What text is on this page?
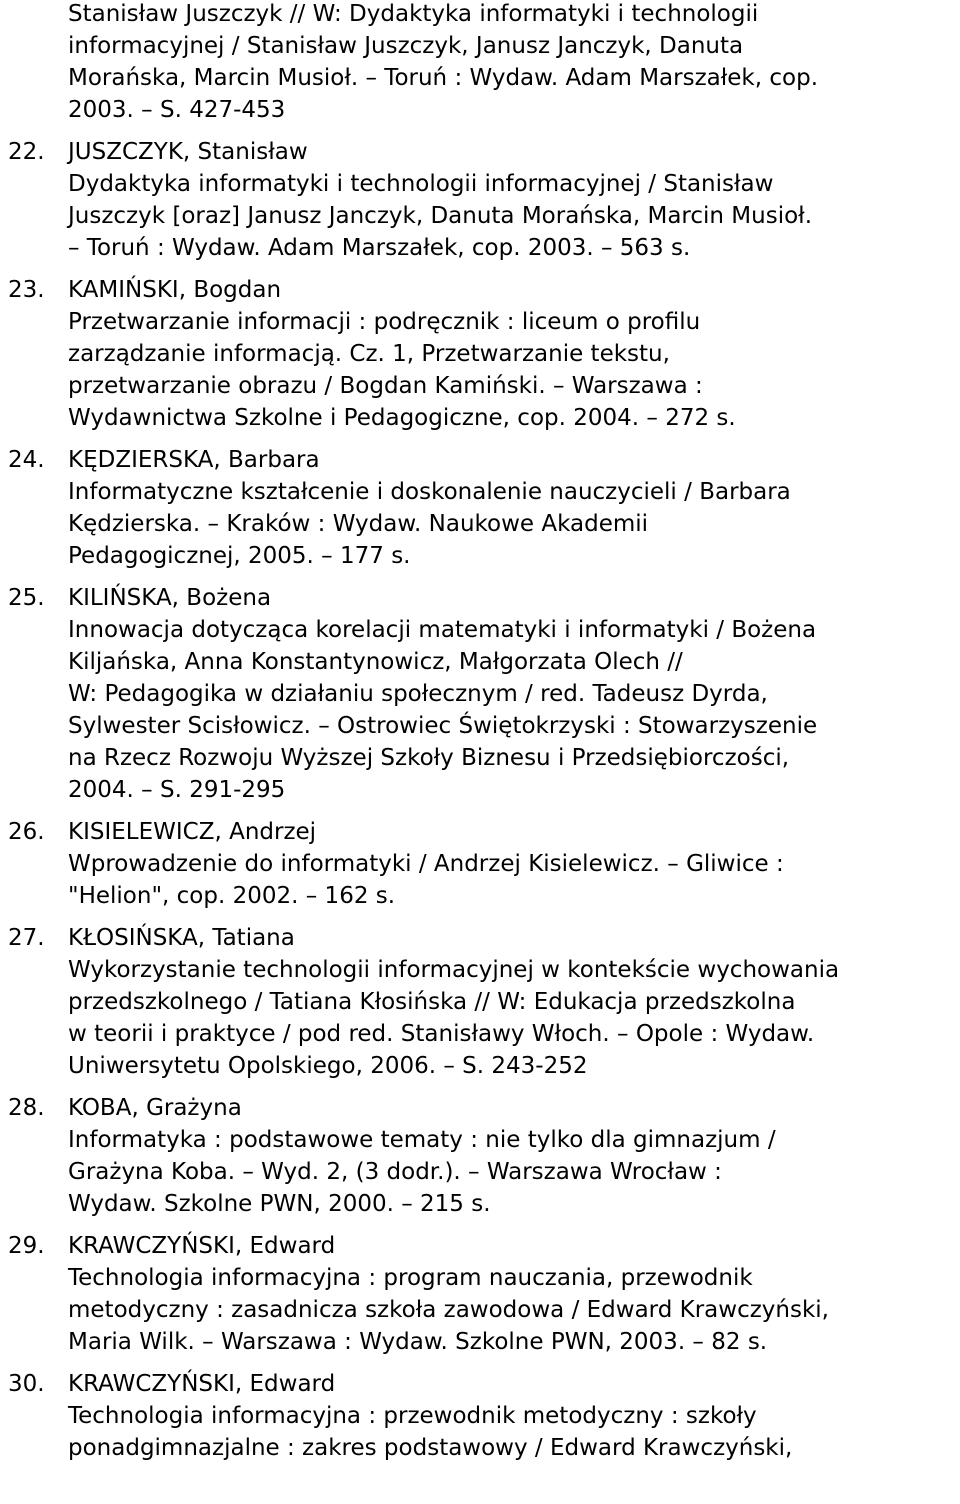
Stanisław Juszczyk // W: Dydaktyka informatyki i technologii
informacyjnej / Stanisław Juszczyk, Janusz Janczyk, Danuta
Morańska, Marcin Musioł. – Toruń : Wydaw. Adam Marszałek, cop.
2003. – S. 427-453
22.	JUSZCZYK, Stanisław
Dydaktyka informatyki i technologii informacyjnej / Stanisław
Juszczyk [oraz] Janusz Janczyk, Danuta Morańska, Marcin Musioł.
– Toruń : Wydaw. Adam Marszałek, cop. 2003. – 563 s.
23.	KAMIŃSKI, Bogdan
Przetwarzanie informacji : podręcznik : liceum o profilu
zarządzanie informacją. Cz. 1, Przetwarzanie tekstu,
przetwarzanie obrazu / Bogdan Kamiński. – Warszawa :
Wydawnictwa Szkolne i Pedagogiczne, cop. 2004. – 272 s.
24.	KĘDZIERSKA, Barbara
Informatyczne kształcenie i doskonalenie nauczycieli / Barbara
Kędzierska. – Kraków : Wydaw. Naukowe Akademii
Pedagogicznej, 2005. – 177 s.
25.	KILIŃSKA, Bożena
Innowacja dotycząca korelacji matematyki i informatyki / Bożena
Kiljańska, Anna Konstantynowicz, Małgorzata Olech //
W: Pedagogika w działaniu społecznym / red. Tadeusz Dyrda,
Sylwester Scisłowicz. – Ostrowiec Świętokrzyski : Stowarzyszenie
na Rzecz Rozwoju Wyższej Szkoły Biznesu i Przedsiębiorczości,
2004. – S. 291-295
26.	KISIELEWICZ, Andrzej
Wprowadzenie do informatyki / Andrzej Kisielewicz. – Gliwice :
"Helion", cop. 2002. – 162 s.
27.	KŁOSIŃSKA, Tatiana
Wykorzystanie technologii informacyjnej w kontekście wychowania
przedszkolnego / Tatiana Kłosińska // W: Edukacja przedszkolna
w teorii i praktyce / pod red. Stanisławy Włoch. – Opole : Wydaw.
Uniwersytetu Opolskiego, 2006. – S. 243-252
28.	KOBA, Grażyna
Informatyka : podstawowe tematy : nie tylko dla gimnazjum /
Grażyna Koba. – Wyd. 2, (3 dodr.). – Warszawa Wrocław :
Wydaw. Szkolne PWN, 2000. – 215 s.
29.	KRAWCZYŃSKI, Edward
Technologia informacyjna : program nauczania, przewodnik
metodyczny : zasadnicza szkoła zawodowa / Edward Krawczyński,
Maria Wilk. – Warszawa : Wydaw. Szkolne PWN, 2003. – 82 s.
30.	KRAWCZYŃSKI, Edward
Technologia informacyjna : przewodnik metodyczny : szkoły
ponadgimnazjalne : zakres podstawowy / Edward Krawczyński,
